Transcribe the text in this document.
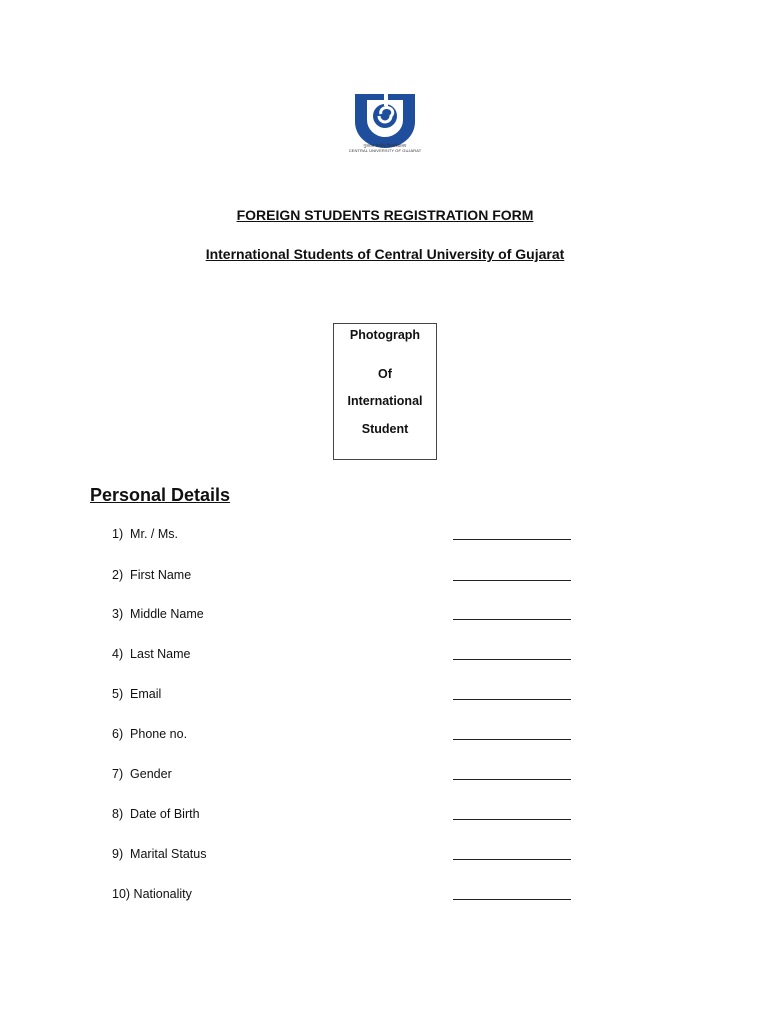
गुजरात केन्द्रीय विश्वविद्यालय
CENTRAL UNIVERSITY OF GUJARAT
FOREIGN STUDENTS REGISTRATION FORM
International Students of Central University of Gujarat
Photograph
Of
International
Student
Personal Details
1)  Mr. / Ms.
2)  First Name
3)  Middle Name
4)  Last Name
5)  Email
6)  Phone no.
7)  Gender
8)  Date of Birth
9)  Marital Status
10) Nationality
